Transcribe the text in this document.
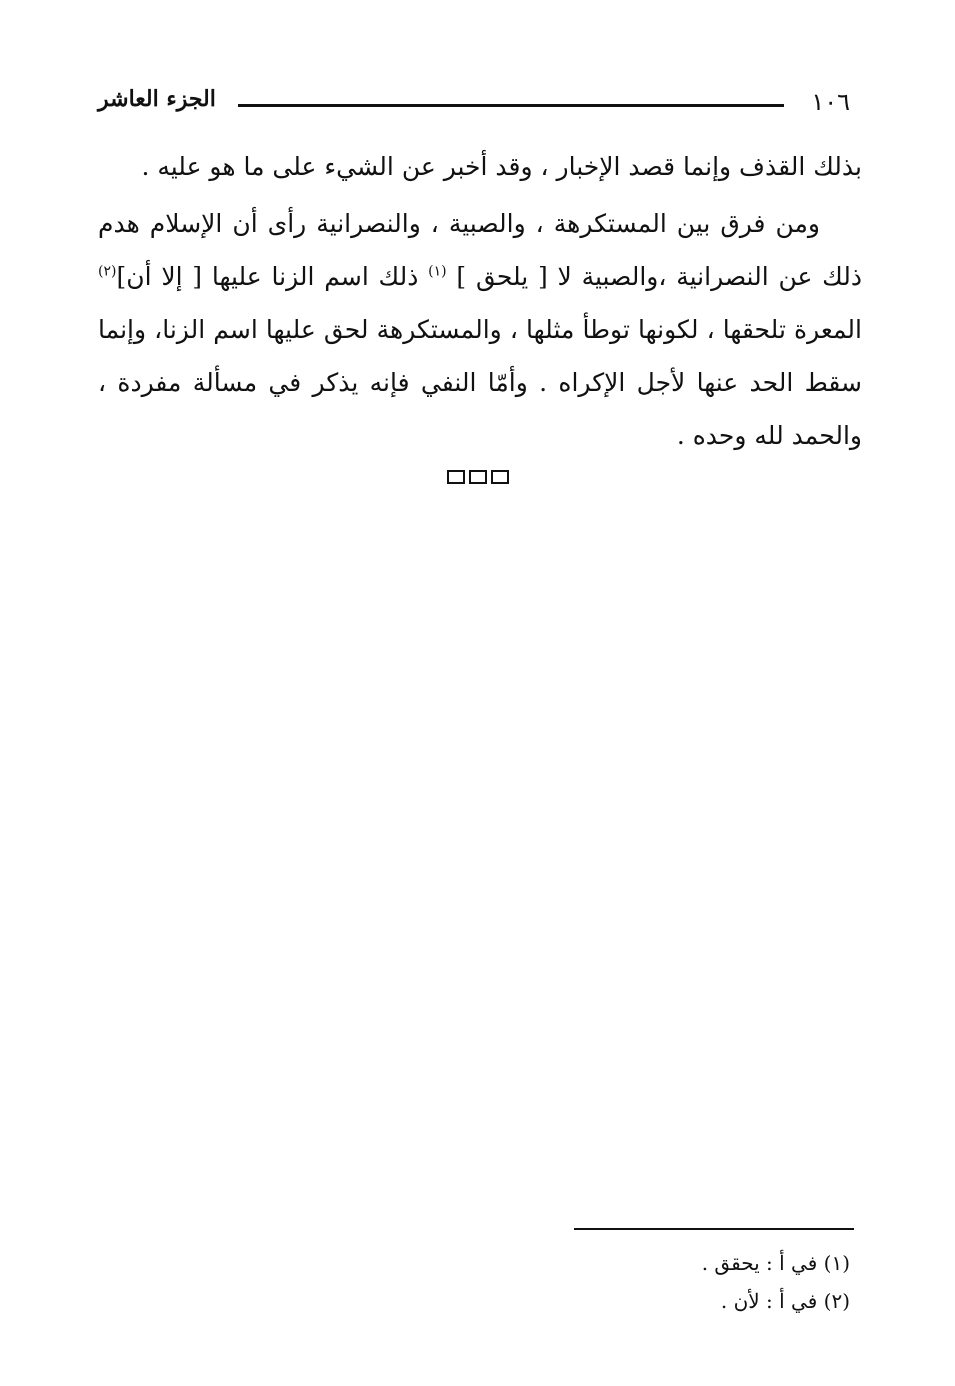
١٠٦
الجزء العاشر

بذلك القذف وإنما قصد الإخبار ، وقد أخبر عن الشيء على ما هو عليه .

ومن فرق بين المستكرهة ، والصبية ، والنصرانية رأى أن الإسلام هدم ذلك عن النصرانية ،والصبية لا [ يلحق ] $^{(١)}$ ذلك اسم الزنا عليها [ إلا أن]$^{(٢)}$ المعرة تلحقها ، لكونها توطأ مثلها ، والمستكرهة لحق عليها اسم الزنا، وإنما سقط الحد عنها لأجل الإكراه . وأمّا النفي فإنه يذكر في مسألة مفردة ، والحمد لله وحده .

(١) في أ : يحقق .
(٢) في أ : لأن .
